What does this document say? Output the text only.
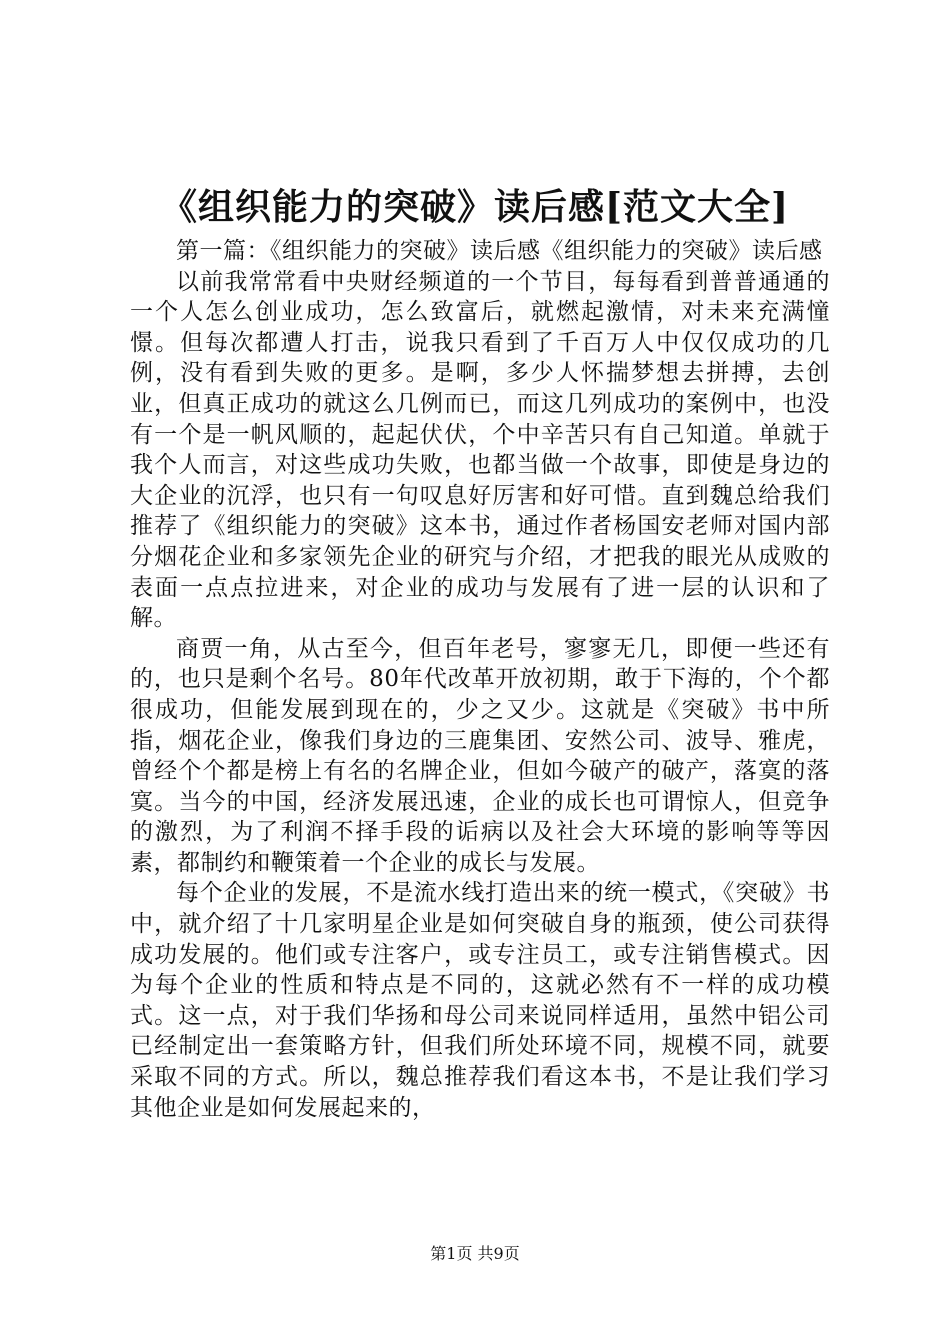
《组织能力的突破》读后感[范文大全]

第一篇：《组织能力的突破》读后感《组织能力的突破》读后感

以前我常常看中央财经频道的一个节目，每每看到普普通通的一个人怎么创业成功，怎么致富后，就燃起激情，对未来充满憧憬。但每次都遭人打击，说我只看到了千百万人中仅仅成功的几例，没有看到失败的更多。是啊，多少人怀揣梦想去拼搏，去创业，但真正成功的就这么几例而已，而这几列成功的案例中，也没有一个是一帆风顺的，起起伏伏，个中辛苦只有自己知道。单就于我个人而言，对这些成功失败，也都当做一个故事，即使是身边的大企业的沉浮，也只有一句叹息好厉害和好可惜。直到魏总给我们推荐了《组织能力的突破》这本书，通过作者杨国安老师对国内部分烟花企业和多家领先企业的研究与介绍，才把我的眼光从成败的表面一点点拉进来，对企业的成功与发展有了进一层的认识和了解。

商贾一角，从古至今，但百年老号，寥寥无几，即便一些还有的，也只是剩个名号。80年代改革开放初期，敢于下海的，个个都很成功，但能发展到现在的，少之又少。这就是《突破》书中所指，烟花企业，像我们身边的三鹿集团、安然公司、波导、雅虎，曾经个个都是榜上有名的名牌企业，但如今破产的破产，落寞的落寞。当今的中国，经济发展迅速，企业的成长也可谓惊人，但竞争的激烈，为了利润不择手段的诟病以及社会大环境的影响等等因素，都制约和鞭策着一个企业的成长与发展。

每个企业的发展，不是流水线打造出来的统一模式，《突破》书中，就介绍了十几家明星企业是如何突破自身的瓶颈，使公司获得成功发展的。他们或专注客户，或专注员工，或专注销售模式。因为每个企业的性质和特点是不同的，这就必然有不一样的成功模式。这一点，对于我们华扬和母公司来说同样适用，虽然中铝公司已经制定出一套策略方针，但我们所处环境不同，规模不同，就要采取不同的方式。所以，魏总推荐我们看这本书，不是让我们学习其他企业是如何发展起来的，

第1页 共9页
